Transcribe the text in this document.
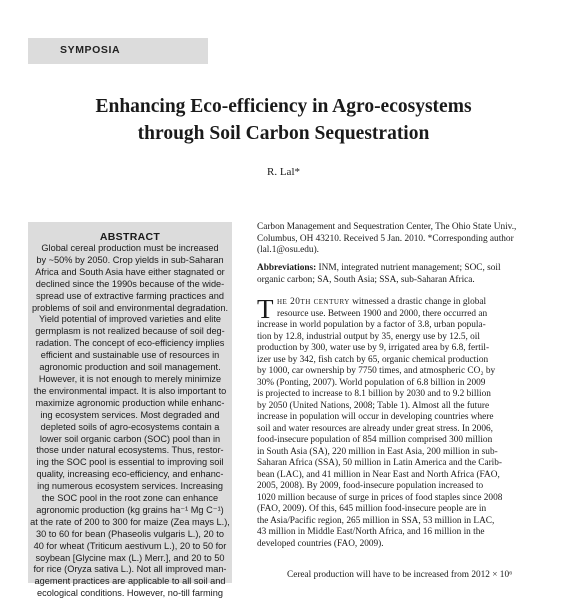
SYMPOSIA
Enhancing Eco-efficiency in Agro-ecosystems
through Soil Carbon Sequestration
R. Lal*
ABSTRACT
Global cereal production must be increased
by ~50% by 2050. Crop yields in sub-Saharan
Africa and South Asia have either stagnated or
declined since the 1990s because of the wide-
spread use of extractive farming practices and
problems of soil and environmental degradation.
Yield potential of improved varieties and elite
germplasm is not realized because of soil deg-
radation. The concept of eco-efficiency implies
efficient and sustainable use of resources in
agronomic production and soil management.
However, it is not enough to merely minimize
the environmental impact. It is also important to
maximize agronomic production while enhanc-
ing ecosystem services. Most degraded and
depleted soils of agro-ecosystems contain a
lower soil organic carbon (SOC) pool than in
those under natural ecosystems. Thus, restor-
ing the SOC pool is essential to improving soil
quality, increasing eco-efficiency, and enhanc-
ing numerous ecosystem services. Increasing
the SOC pool in the root zone can enhance
agronomic production (kg grains ha⁻¹ Mg C⁻¹)
at the rate of 200 to 300 for maize (Zea mays L.),
30 to 60 for bean (Phaseolis vulgaris L.), 20 to
40 for wheat (Triticum aestivum L.), 20 to 50 for
soybean [Glycine max (L.) Merr.], and 20 to 50
for rice (Oryza sativa L.). Not all improved man-
agement practices are applicable to all soil and
ecological conditions. However, no-till farming
Carbon Management and Sequestration Center, The Ohio State Univ.,
Columbus, OH 43210. Received 5 Jan. 2010. *Corresponding author
(lal.1@osu.edu).
Abbreviations: INM, integrated nutrient management; SOC, soil
organic carbon; SA, South Asia; SSA, sub-Saharan Africa.
T he 20th century witnessed a drastic change in global
resource use. Between 1900 and 2000, there occurred an
increase in world population by a factor of 3.8, urban popula-
tion by 12.8, industrial output by 35, energy use by 12.5, oil
production by 300, water use by 9, irrigated area by 6.8, fertil-
izer use by 342, fish catch by 65, organic chemical production
by 1000, car ownership by 7750 times, and atmospheric CO₂ by
30% (Ponting, 2007). World population of 6.8 billion in 2009
is projected to increase to 8.1 billion by 2030 and to 9.2 billion
by 2050 (United Nations, 2008; Table 1). Almost all the future
increase in population will occur in developing countries where
soil and water resources are already under great stress. In 2006,
food-insecure population of 854 million comprised 300 million
in South Asia (SA), 220 million in East Asia, 200 million in sub-
Saharan Africa (SSA), 50 million in Latin America and the Carib-
bean (LAC), and 41 million in Near East and North Africa (FAO,
2005, 2008). By 2009, food-insecure population increased to
1020 million because of surge in prices of food staples since 2008
(FAO, 2009). Of this, 645 million food-insecure people are in
the Asia/Pacific region, 265 million in SSA, 53 million in LAC,
43 million in Middle East/North Africa, and 16 million in the
developed countries (FAO, 2009).
Cereal production will have to be increased from 2012 × 10⁶
